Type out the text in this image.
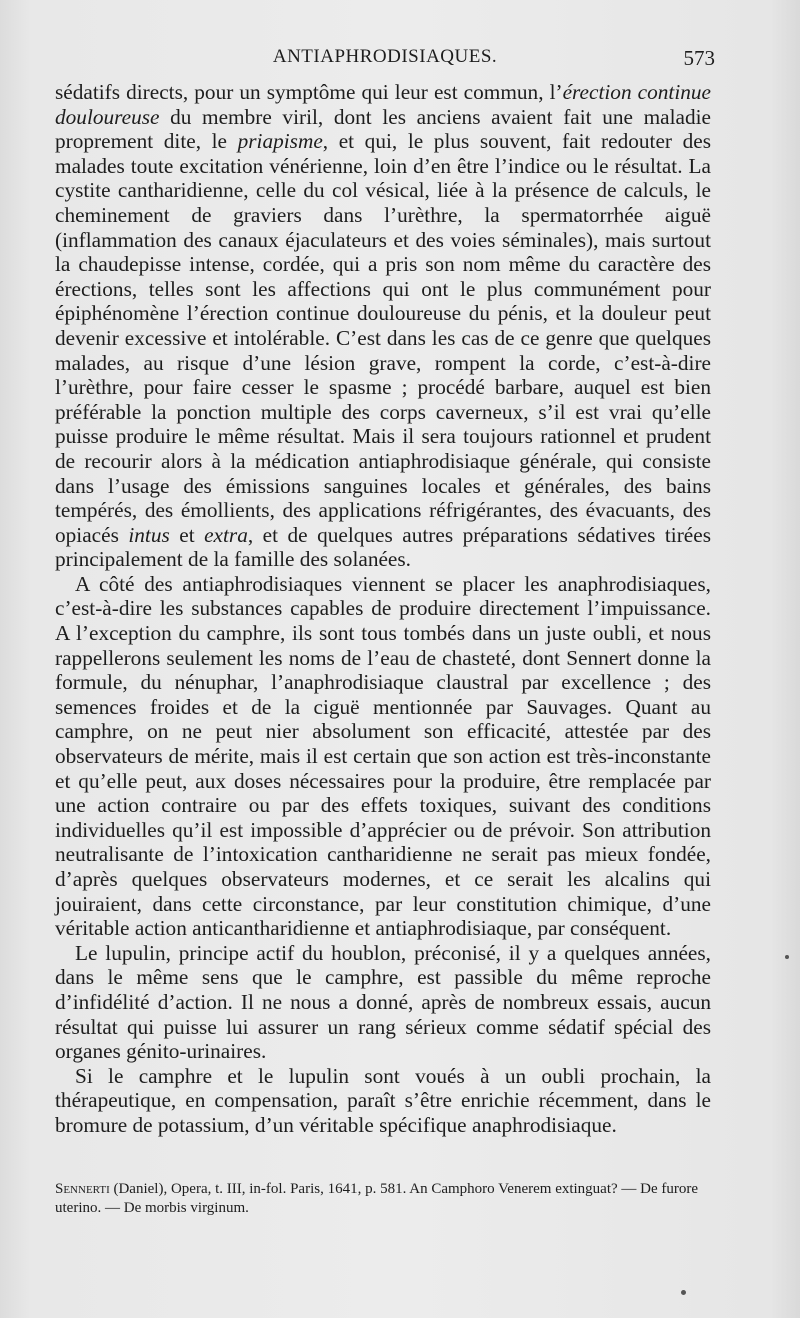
ANTIAPHRODISIAQUES.	573

sédatifs directs, pour un symptôme qui leur est commun, l’érection continue douloureuse du membre viril, dont les anciens avaient fait une maladie proprement dite, le priapisme, et qui, le plus souvent, fait redouter des malades toute excitation vénérienne, loin d’en être l’indice ou le résultat. La cystite cantharidienne, celle du col vésical, liée à la présence de calculs, le cheminement de graviers dans l’urèthre, la spermatorrhée aiguë (inflammation des canaux éjaculateurs et des voies séminales), mais surtout la chaudepisse intense, cordée, qui a pris son nom même du caractère des érections, telles sont les affections qui ont le plus communément pour épiphénomène l’érection continue douloureuse du pénis, et la douleur peut devenir excessive et intolérable. C’est dans les cas de ce genre que quelques malades, au risque d’une lésion grave, rompent la corde, c’est-à-dire l’urèthre, pour faire cesser le spasme ; procédé barbare, auquel est bien préférable la ponction multiple des corps caverneux, s’il est vrai qu’elle puisse produire le même résultat. Mais il sera toujours rationnel et prudent de recourir alors à la médication antiaphrodisiaque générale, qui consiste dans l’usage des émissions sanguines locales et générales, des bains tempérés, des émollients, des applications réfrigérantes, des évacuants, des opiacés intus et extra, et de quelques autres préparations sédatives tirées principalement de la famille des solanées.

A côté des antiaphrodisiaques viennent se placer les anaphrodisiaques, c’est-à-dire les substances capables de produire directement l’impuissance. A l’exception du camphre, ils sont tous tombés dans un juste oubli, et nous rappellerons seulement les noms de l’eau de chasteté, dont Sennert donne la formule, du nénuphar, l’anaphrodisiaque claustral par excellence ; des semences froides et de la ciguë mentionnée par Sauvages. Quant au camphre, on ne peut nier absolument son efficacité, attestée par des observateurs de mérite, mais il est certain que son action est très-inconstante et qu’elle peut, aux doses nécessaires pour la produire, être remplacée par une action contraire ou par des effets toxiques, suivant des conditions individuelles qu’il est impossible d’apprécier ou de prévoir. Son attribution neutralisante de l’intoxication cantharidienne ne serait pas mieux fondée, d’après quelques observateurs modernes, et ce serait les alcalins qui jouiraient, dans cette circonstance, par leur constitution chimique, d’une véritable action anticantharidienne et antiaphrodisiaque, par conséquent.

Le lupulin, principe actif du houblon, préconisé, il y a quelques années, dans le même sens que le camphre, est passible du même reproche d’infidélité d’action. Il ne nous a donné, après de nombreux essais, aucun résultat qui puisse lui assurer un rang sérieux comme sédatif spécial des organes génito-urinaires.

Si le camphre et le lupulin sont voués à un oubli prochain, la thérapeutique, en compensation, paraît s’être enrichie récemment, dans le bromure de potassium, d’un véritable spécifique anaphrodisiaque.

Sennerti (Daniel), Opera, t. III, in-fol. Paris, 1641, p. 581. An Camphoro Venerem extinguat? — De furore uterino. — De morbis virginum.
